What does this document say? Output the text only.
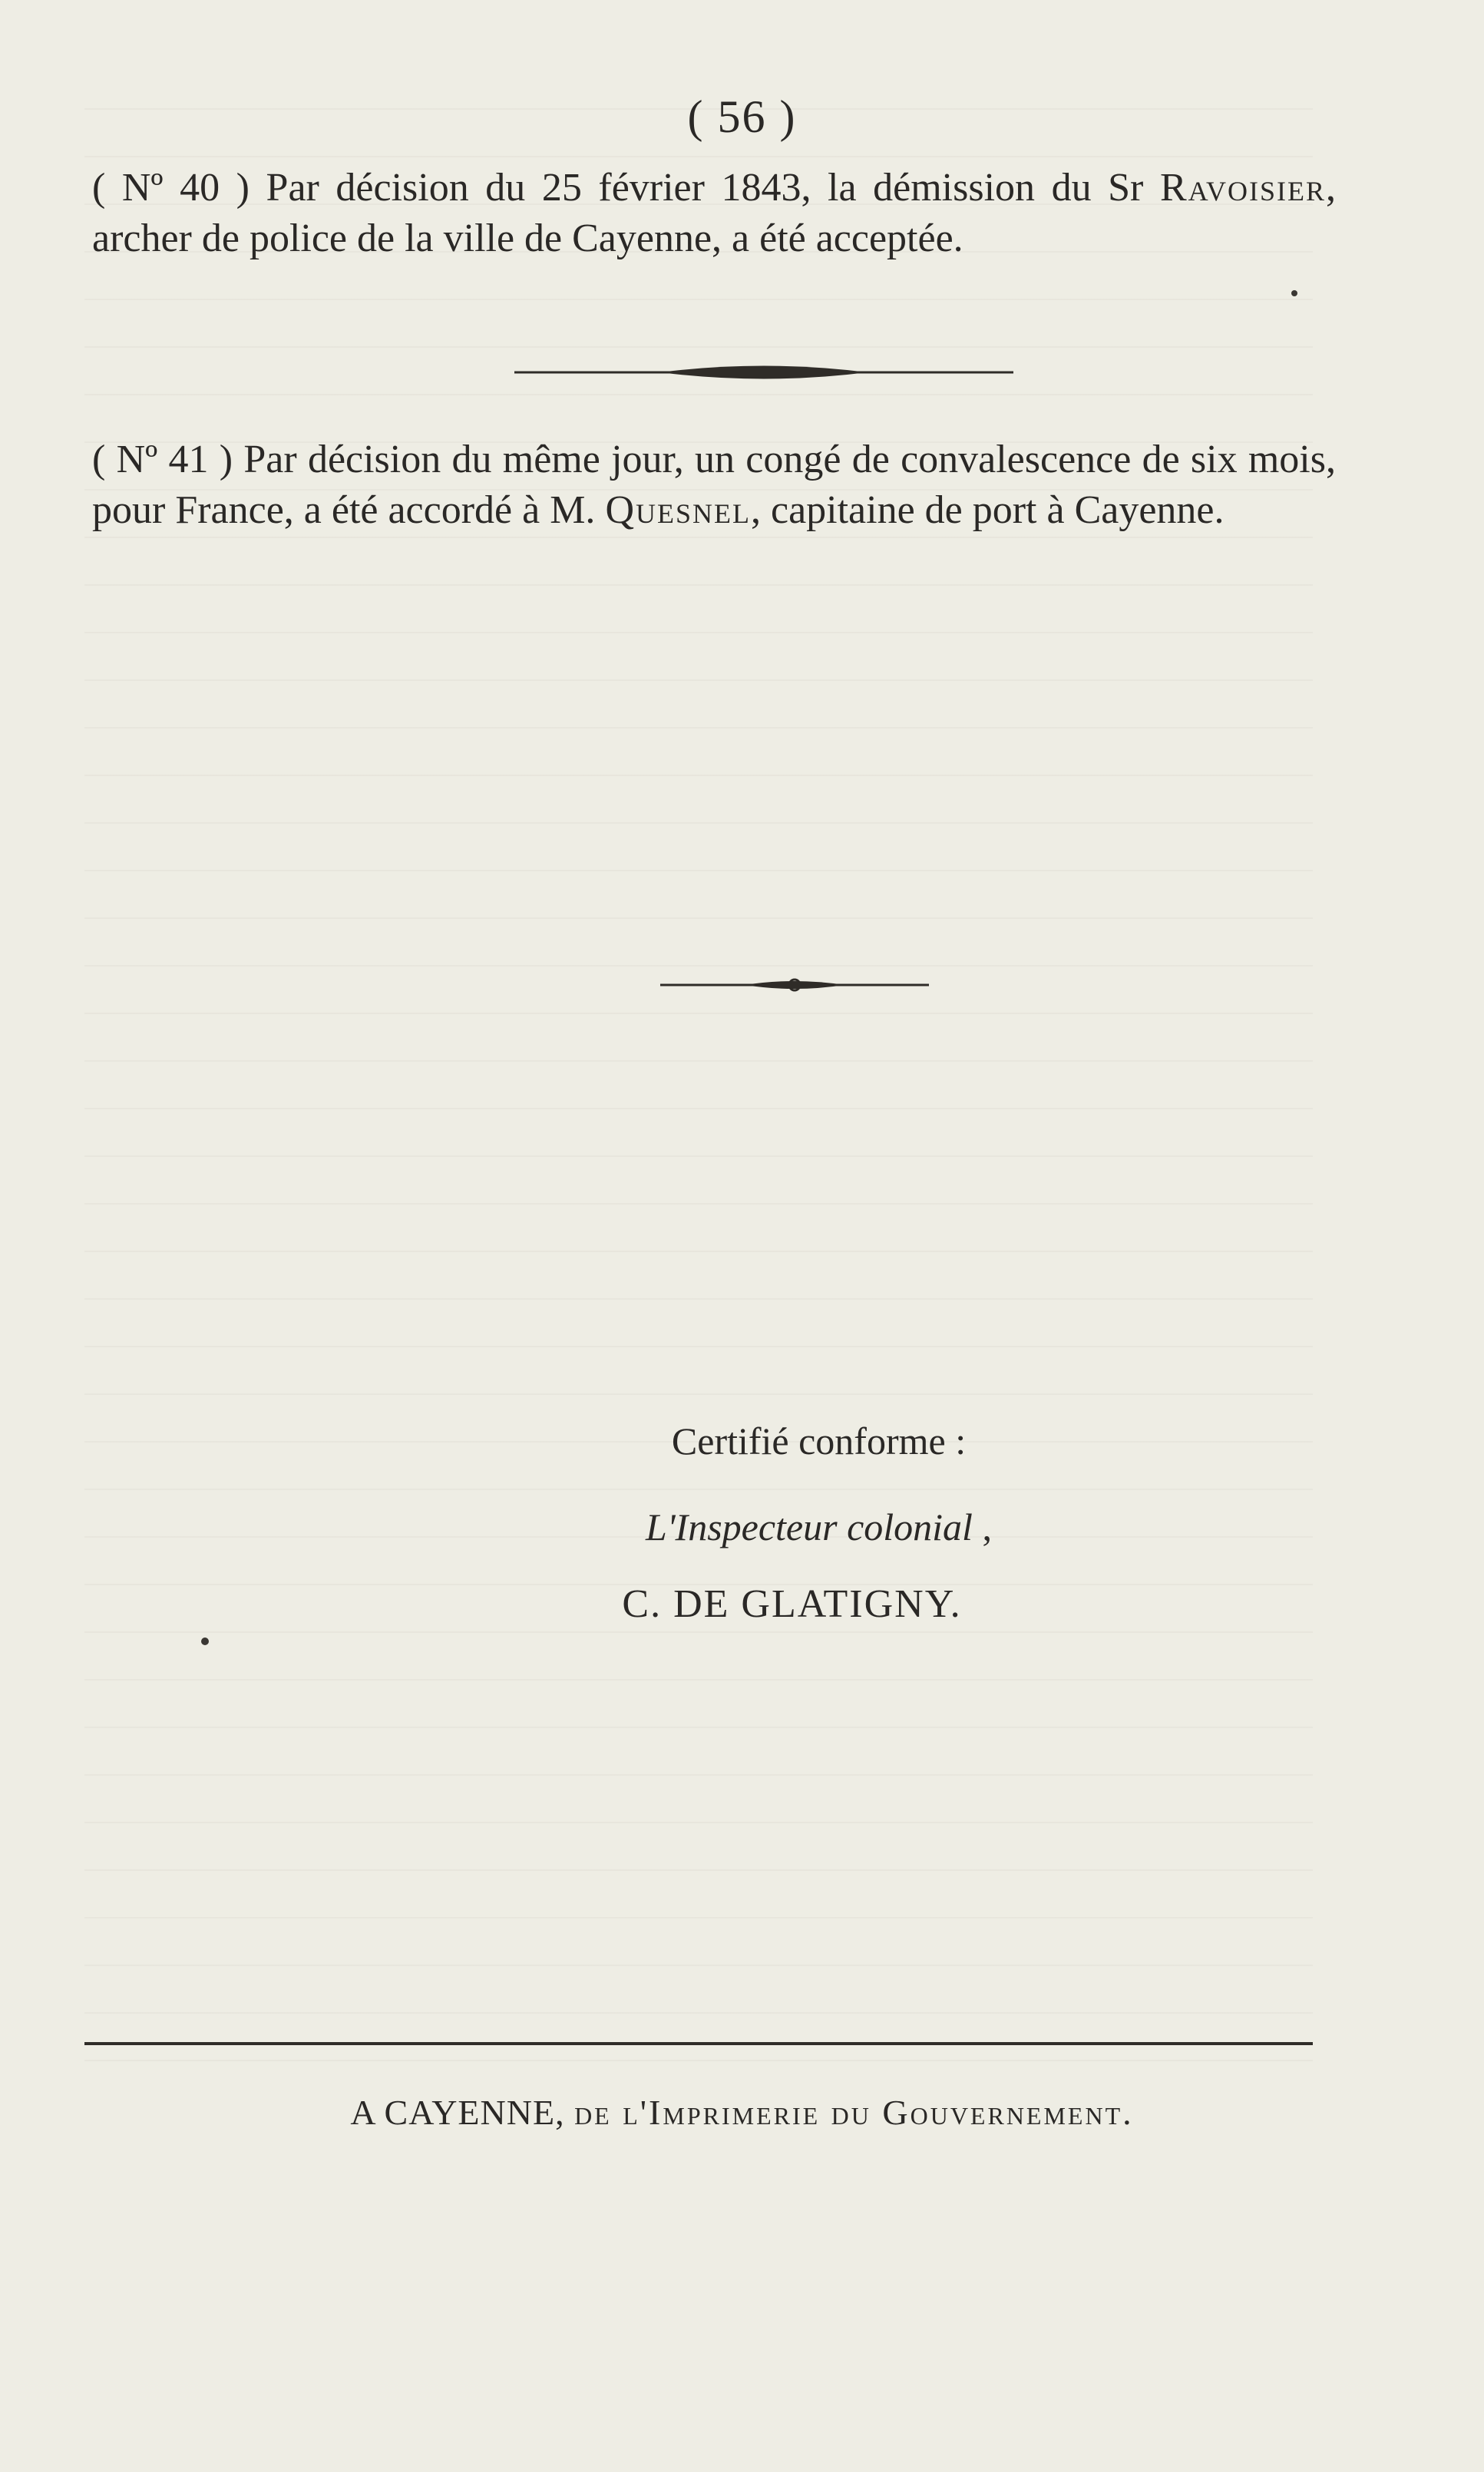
( 56 )
( Nº 40 ) Par décision du 25 février 1843, la démission du Sr Ravoisier, archer de police de la ville de Cayenne, a été acceptée.
( Nº 41 ) Par décision du même jour, un congé de convalescence de six mois, pour France, a été accordé à M. Quesnel, capitaine de port à Cayenne.
Certifié conforme :
L'Inspecteur colonial ,
C. DE GLATIGNY.
A CAYENNE, de l'Imprimerie du Gouvernement.
